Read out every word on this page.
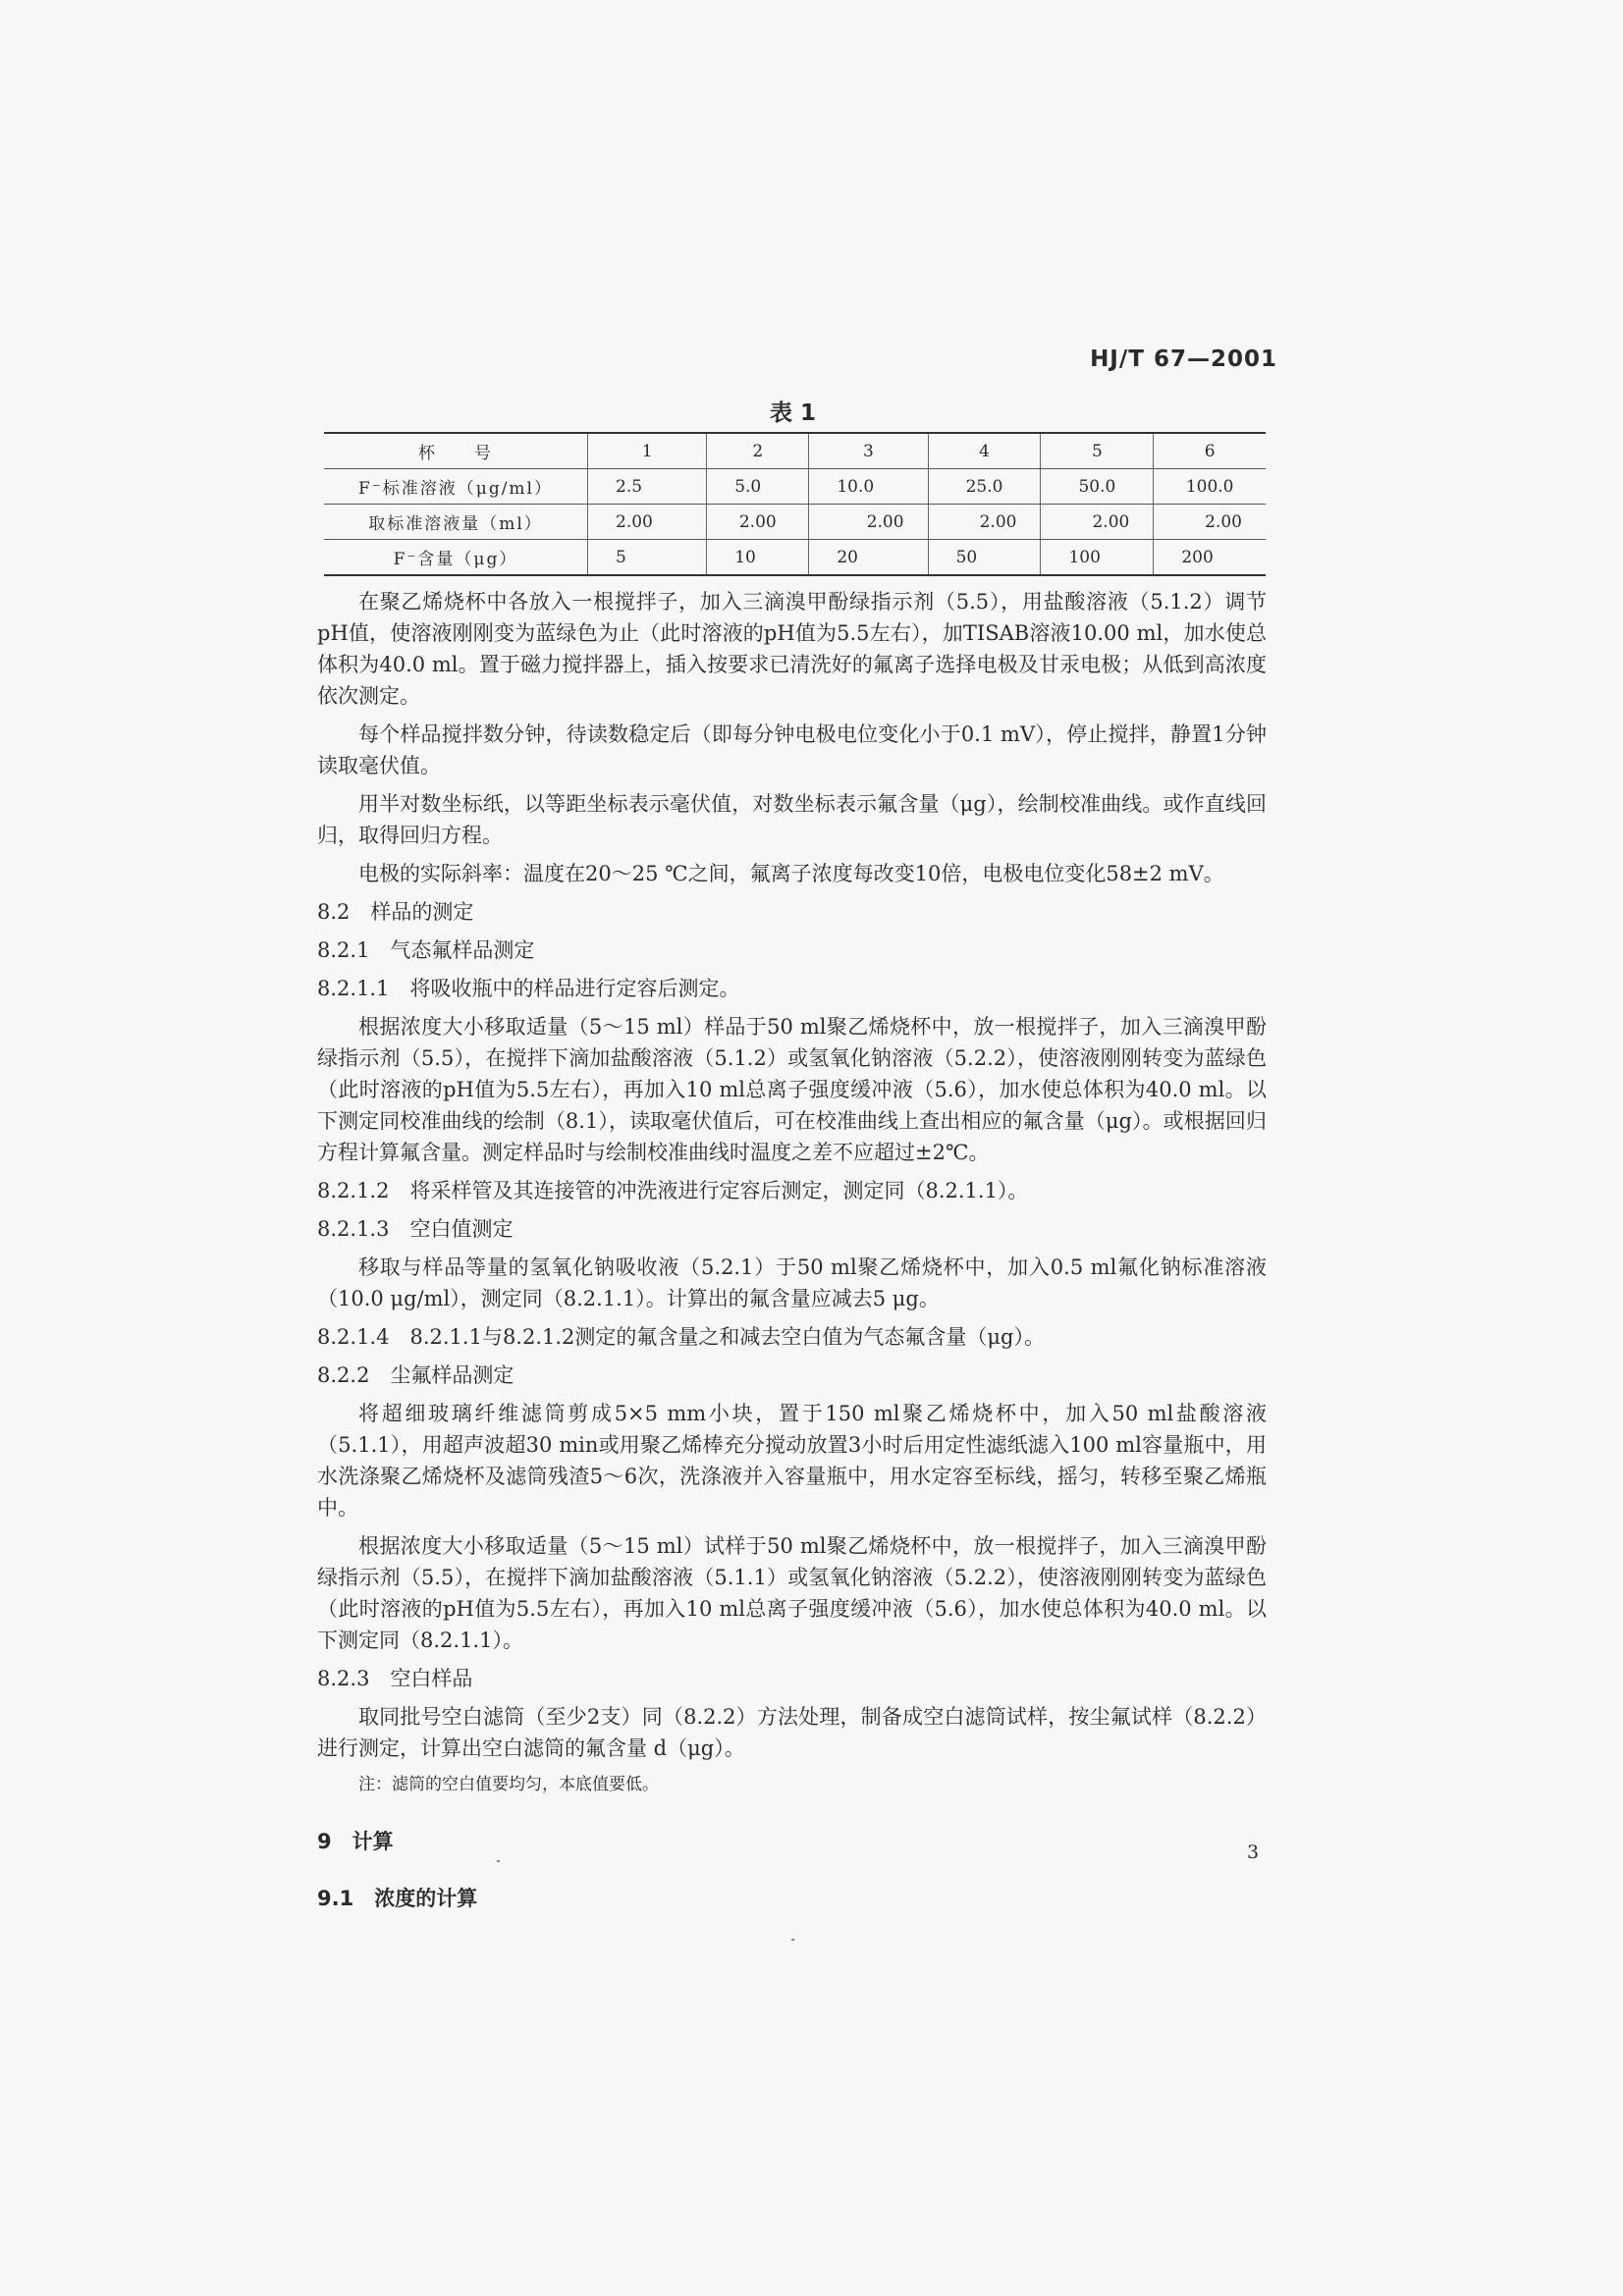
HJ/T 67—2001
表 1
杯　　号	1	2	3	4	5	6
F⁻标准溶液（μg/ml）	2.5	5.0	10.0	25.0	50.0	100.0
取标准溶液量（ml）	2.00	2.00	2.00	2.00	2.00	2.00
F⁻含量（μg）	5	10	20	50	100	200

在聚乙烯烧杯中各放入一根搅拌子，加入三滴溴甲酚绿指示剂（5.5），用盐酸溶液（5.1.2）调节pH值，使溶液刚刚变为蓝绿色为止（此时溶液的pH值为5.5左右），加TISAB溶液10.00 ml，加水使总体积为40.0 ml。置于磁力搅拌器上，插入按要求已清洗好的氟离子选择电极及甘汞电极；从低到高浓度依次测定。

每个样品搅拌数分钟，待读数稳定后（即每分钟电极电位变化小于0.1 mV），停止搅拌，静置1分钟读取毫伏值。

用半对数坐标纸，以等距坐标表示毫伏值，对数坐标表示氟含量（μg），绘制校准曲线。或作直线回归，取得回归方程。

电极的实际斜率：温度在20～25 ℃之间，氟离子浓度每改变10倍，电极电位变化58±2 mV。

8.2　样品的测定

8.2.1　气态氟样品测定

8.2.1.1　将吸收瓶中的样品进行定容后测定。

根据浓度大小移取适量（5～15 ml）样品于50 ml聚乙烯烧杯中，放一根搅拌子，加入三滴溴甲酚绿指示剂（5.5），在搅拌下滴加盐酸溶液（5.1.2）或氢氧化钠溶液（5.2.2），使溶液刚刚转变为蓝绿色（此时溶液的pH值为5.5左右），再加入10 ml总离子强度缓冲液（5.6），加水使总体积为40.0 ml。以下测定同校准曲线的绘制（8.1），读取毫伏值后，可在校准曲线上查出相应的氟含量（μg）。或根据回归方程计算氟含量。测定样品时与绘制校准曲线时温度之差不应超过±2℃。

8.2.1.2　将采样管及其连接管的冲洗液进行定容后测定，测定同（8.2.1.1）。

8.2.1.3　空白值测定

移取与样品等量的氢氧化钠吸收液（5.2.1）于50 ml聚乙烯烧杯中，加入0.5 ml氟化钠标准溶液（10.0 μg/ml），测定同（8.2.1.1）。计算出的氟含量应减去5 μg。

8.2.1.4　8.2.1.1与8.2.1.2测定的氟含量之和减去空白值为气态氟含量（μg）。

8.2.2　尘氟样品测定

将超细玻璃纤维滤筒剪成5×5 mm小块，置于150 ml聚乙烯烧杯中，加入50 ml盐酸溶液（5.1.1），用超声波超30 min或用聚乙烯棒充分搅动放置3小时后用定性滤纸滤入100 ml容量瓶中，用水洗涤聚乙烯烧杯及滤筒残渣5～6次，洗涤液并入容量瓶中，用水定容至标线，摇匀，转移至聚乙烯瓶中。

根据浓度大小移取适量（5～15 ml）试样于50 ml聚乙烯烧杯中，放一根搅拌子，加入三滴溴甲酚绿指示剂（5.5），在搅拌下滴加盐酸溶液（5.1.1）或氢氧化钠溶液（5.2.2），使溶液刚刚转变为蓝绿色（此时溶液的pH值为5.5左右），再加入10 ml总离子强度缓冲液（5.6），加水使总体积为40.0 ml。以下测定同（8.2.1.1）。

8.2.3　空白样品

取同批号空白滤筒（至少2支）同（8.2.2）方法处理，制备成空白滤筒试样，按尘氟试样（8.2.2）进行测定，计算出空白滤筒的氟含量 d（μg）。

注：滤筒的空白值要均匀，本底值要低。

9　计算

9.1　浓度的计算

3
